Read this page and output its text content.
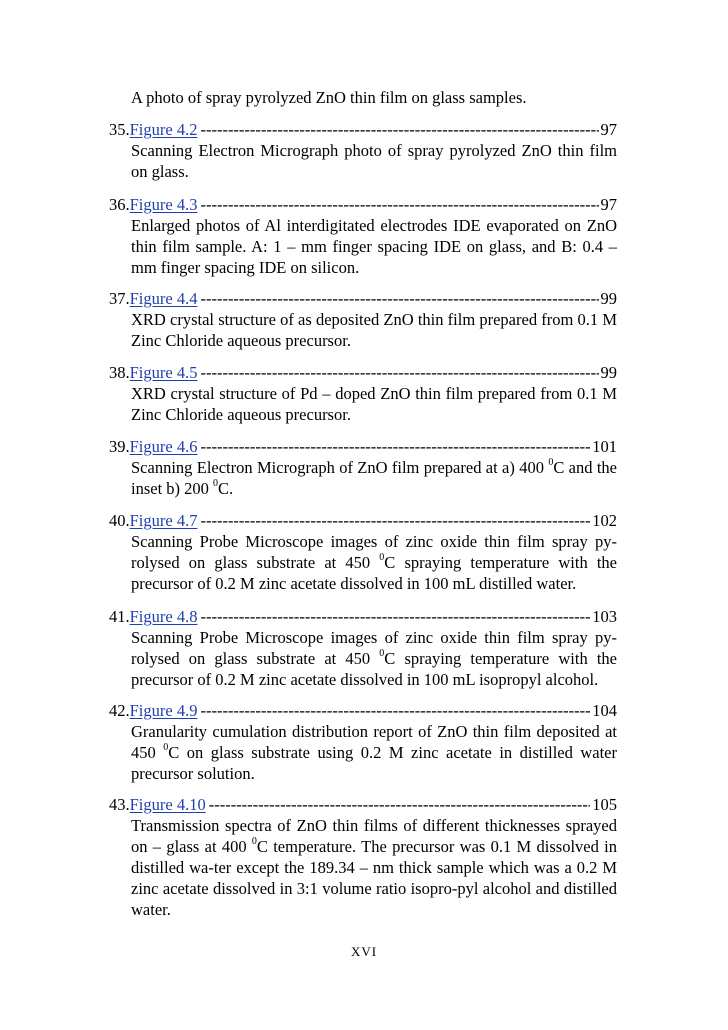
A photo of spray pyrolyzed ZnO thin film on glass samples.
35. Figure 4.2 -----	97
Scanning Electron Micrograph photo of spray pyrolyzed ZnO thin film on glass.
36. Figure 4.3 -----	97
Enlarged photos of Al interdigitated electrodes IDE evaporated on ZnO thin film sample. A: 1 – mm finger spacing IDE on glass, and B: 0.4 – mm finger spacing IDE on silicon.
37. Figure 4.4 -----	99
XRD crystal structure of as deposited ZnO thin film prepared from 0.1 M Zinc Chloride aqueous precursor.
38. Figure 4.5 -----	99
XRD crystal structure of Pd – doped ZnO thin film prepared from 0.1 M Zinc Chloride aqueous precursor.
39. Figure 4.6 -----	101
Scanning Electron Micrograph of ZnO film prepared at a) 400 $^0$C and the inset b) 200 $^0$C.
40. Figure 4.7 -----	102
Scanning Probe Microscope images of zinc oxide thin film spray py-rolysed on glass substrate at 450 $^0$C spraying temperature with the precursor of 0.2 M zinc acetate dissolved in 100 mL distilled water.
41. Figure 4.8 -----	103
Scanning Probe Microscope images of zinc oxide thin film spray py-rolysed on glass substrate at 450 $^0$C spraying temperature with the precursor of 0.2 M zinc acetate dissolved in 100 mL isopropyl alcohol.
42. Figure 4.9 -----	104
Granularity cumulation distribution report of ZnO thin film deposited at 450 $^0$C on glass substrate using 0.2 M zinc acetate in distilled water precursor solution.
43. Figure 4.10 -----	105
Transmission spectra of ZnO thin films of different thicknesses sprayed on – glass at 400 $^0$C temperature. The precursor was 0.1 M dissolved in distilled wa-ter except the 189.34 – nm thick sample which was a 0.2 M zinc acetate dissolved in 3:1 volume ratio isopro-pyl alcohol and distilled water.
XVI
